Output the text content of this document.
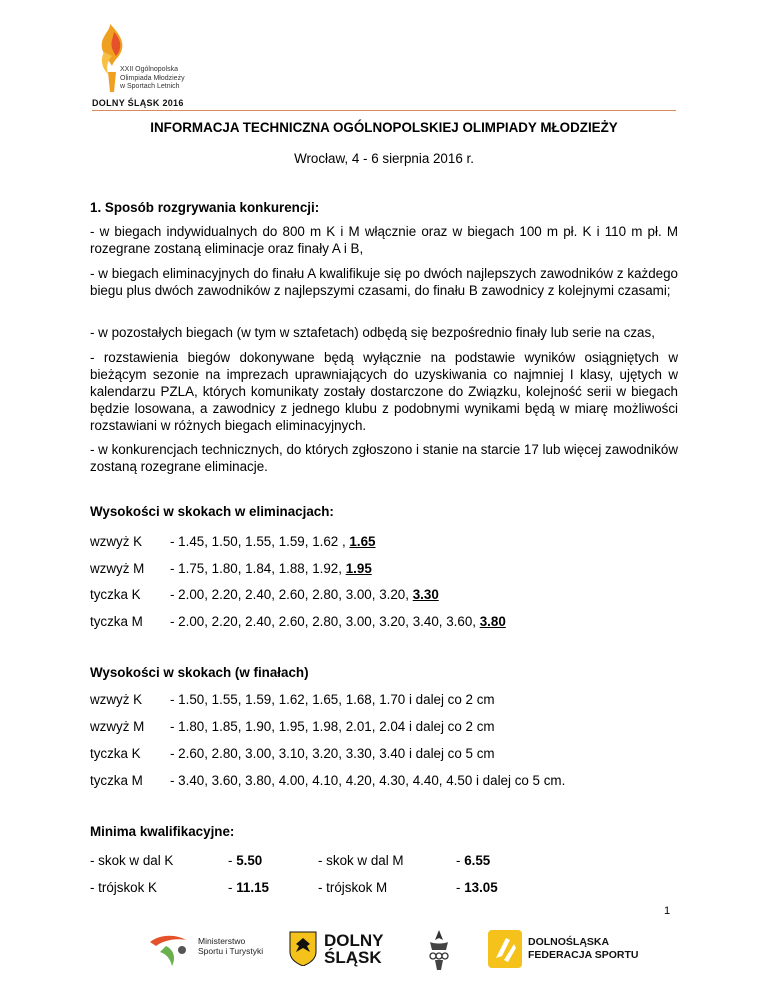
XXII Ogólnopolska
Olimpiada Młodzieży
w Sportach Letnich
DOLNY ŚLĄSK 2016
INFORMACJA TECHNICZNA OGÓLNOPOLSKIEJ OLIMPIADY MŁODZIEŻY
Wrocław, 4 - 6 sierpnia 2016 r.
1. Sposób rozgrywania konkurencji:
- w biegach indywidualnych do 800 m K i M włącznie oraz w biegach 100 m pł. K i 110 m pł. M rozegrane zostaną eliminacje oraz finały A i B,
- w biegach eliminacyjnych do finału A kwalifikuje się po dwóch najlepszych zawodników z każdego biegu plus dwóch zawodników z najlepszymi czasami, do finału B zawodnicy z kolejnymi czasami;
- w pozostałych biegach (w tym w sztafetach) odbędą się bezpośrednio finały lub serie na czas,
- rozstawienia biegów dokonywane będą wyłącznie na podstawie wyników osiągniętych w bieżącym sezonie na imprezach uprawniających do uzyskiwania co najmniej I klasy, ujętych w kalendarzu PZLA, których komunikaty zostały dostarczone do Związku, kolejność serii w biegach będzie losowana, a zawodnicy z jednego klubu z podobnymi wynikami będą w miarę możliwości rozstawiani w różnych biegach eliminacyjnych.
- w konkurencjach technicznych, do których zgłoszono i stanie na starcie 17 lub więcej zawodników zostaną rozegrane eliminacje.
Wysokości w skokach w eliminacjach:
wzwyż K - 1.45, 1.50, 1.55, 1.59, 1.62 , 1.65
wzwyż M - 1.75, 1.80, 1.84, 1.88, 1.92, 1.95
tyczka K - 2.00, 2.20, 2.40, 2.60, 2.80, 3.00, 3.20, 3.30
tyczka M - 2.00, 2.20, 2.40, 2.60, 2.80, 3.00, 3.20, 3.40, 3.60, 3.80
Wysokości w skokach (w finałach)
wzwyż K - 1.50, 1.55, 1.59, 1.62, 1.65, 1.68, 1.70 i dalej co 2 cm
wzwyż M - 1.80, 1.85, 1.90, 1.95, 1.98, 2.01, 2.04 i dalej co 2 cm
tyczka K - 2.60, 2.80, 3.00, 3.10, 3.20, 3.30, 3.40 i dalej co 5 cm
tyczka M - 3.40, 3.60, 3.80, 4.00, 4.10, 4.20, 4.30, 4.40, 4.50 i dalej co 5 cm.
Minima kwalifikacyjne:
- skok w dal K	- 5.50	- skok w dal M	- 6.55
- trójskok K	- 11.15	- trójskok M	- 13.05
1
Ministerstwo
Sportu i Turystyki
DOLNY
ŚLĄSK
DOLNOŚLĄSKA
FEDERACJA SPORTU
